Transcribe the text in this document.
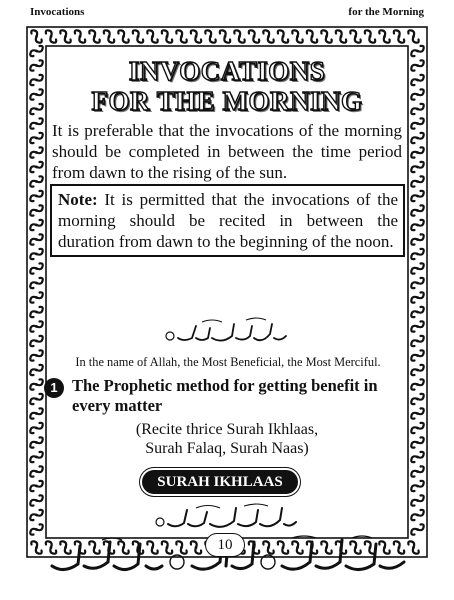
Invocations	for the Morning
INVOCATIONS
FOR THE MORNING
It is preferable that the invocations of the morning should be completed in between the time period from dawn to the rising of the sun.
Note: It is permitted that the invocations of the morning should be recited in between the duration from dawn to the beginning of the noon.
In the name of Allah, the Most Beneficial, the Most Merciful.
1 The Prophetic method for getting benefit in every matter
(Recite thrice Surah Ikhlaas,
Surah Falaq, Surah Naas)
SURAH IKHLAAS
10
